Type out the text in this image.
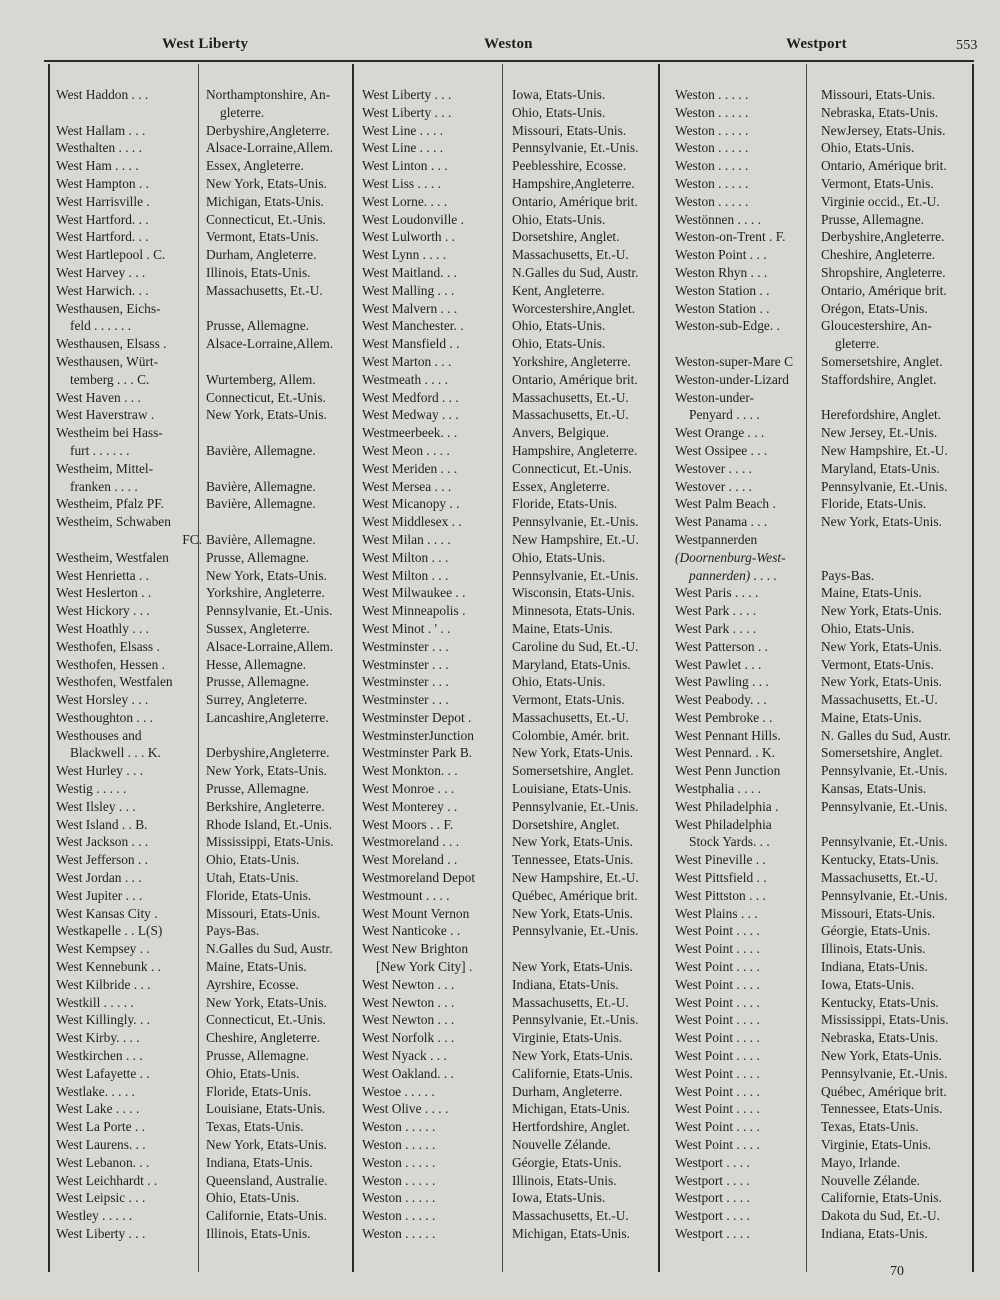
West Liberty	Weston	Westport	553
West Haddon . . .	Northamptonshire, An-
gleterre.
West Hallam . . .	Derbyshire,Angleterre.
Westhalten . . . .	Alsace-Lorraine,Allem.
West Ham . . . .	Essex, Angleterre.
West Hampton . .	New York, Etats-Unis.
West Harrisville .	Michigan, Etats-Unis.
West Hartford. . .	Connecticut, Et.-Unis.
West Hartford. . .	Vermont, Etats-Unis.
West Hartlepool . C.	Durham, Angleterre.
West Harvey . . .	Illinois, Etats-Unis.
West Harwich. . .	Massachusetts, Et.-U.
Westhausen, Eichs-
feld . . . . . .	Prusse, Allemagne.
Westhausen, Elsass .	Alsace-Lorraine,Allem.
Westhausen, Würt-
temberg . . . C.	Wurtemberg, Allem.
West Haven . . .	Connecticut, Et.-Unis.
West Haverstraw .	New York, Etats-Unis.
Westheim bei Hass-
furt . . . . . .	Bavière, Allemagne.
Westheim, Mittel-
franken . . . .	Bavière, Allemagne.
Westheim, Pfalz PF.	Bavière, Allemagne.
Westheim, Schwaben
FC. Bavière, Allemagne.
Westheim, Westfalen	Prusse, Allemagne.
West Henrietta . .	New York, Etats-Unis.
West Heslerton . .	Yorkshire, Angleterre.
West Hickory . . .	Pennsylvanie, Et.-Unis.
West Hoathly . . .	Sussex, Angleterre.
Westhofen, Elsass .	Alsace-Lorraine,Allem.
Westhofen, Hessen .	Hesse, Allemagne.
Westhofen, Westfalen	Prusse, Allemagne.
West Horsley . . .	Surrey, Angleterre.
Westhoughton . . .	Lancashire,Angleterre.
Westhouses and
Blackwell . . . K.	Derbyshire,Angleterre.
West Hurley . . .	New York, Etats-Unis.
Westig . . . . .	Prusse, Allemagne.
West Ilsley . . .	Berkshire, Angleterre.
West Island . . B.	Rhode Island, Et.-Unis.
West Jackson . . .	Mississippi, Etats-Unis.
West Jefferson . .	Ohio, Etats-Unis.
West Jordan . . .	Utah, Etats-Unis.
West Jupiter . . .	Floride, Etats-Unis.
West Kansas City .	Missouri, Etats-Unis.
Westkapelle . . L(S)	Pays-Bas.
West Kempsey . .	N.Galles du Sud, Austr.
West Kennebunk . .	Maine, Etats-Unis.
West Kilbride . . .	Ayrshire, Ecosse.
Westkill . . . . .	New York, Etats-Unis.
West Killingly. . .	Connecticut, Et.-Unis.
West Kirby. . . .	Cheshire, Angleterre.
Westkirchen . . .	Prusse, Allemagne.
West Lafayette . .	Ohio, Etats-Unis.
Westlake. . . . .	Floride, Etats-Unis.
West Lake . . . .	Louisiane, Etats-Unis.
West La Porte . .	Texas, Etats-Unis.
West Laurens. . .	New York, Etats-Unis.
West Lebanon. . .	Indiana, Etats-Unis.
West Leichhardt . .	Queensland, Australie.
West Leipsic . . .	Ohio, Etats-Unis.
Westley . . . . .	Californie, Etats-Unis.
West Liberty . . .	Illinois, Etats-Unis.
West Liberty . . .	Iowa, Etats-Unis.
West Liberty . . .	Ohio, Etats-Unis.
West Line . . . .	Missouri, Etats-Unis.
West Line . . . .	Pennsylvanie, Et.-Unis.
West Linton . . .	Peeblesshire, Ecosse.
West Liss . . . .	Hampshire,Angleterre.
West Lorne. . . .	Ontario, Amérique brit.
West Loudonville .	Ohio, Etats-Unis.
West Lulworth . .	Dorsetshire, Anglet.
West Lynn . . . .	Massachusetts, Et.-U.
West Maitland. . .	N.Galles du Sud, Austr.
West Malling . . .	Kent, Angleterre.
West Malvern . . .	Worcestershire,Anglet.
West Manchester. .	Ohio, Etats-Unis.
West Mansfield . .	Ohio, Etats-Unis.
West Marton . . .	Yorkshire, Angleterre.
Westmeath . . . .	Ontario, Amérique brit.
West Medford . . .	Massachusetts, Et.-U.
West Medway . . .	Massachusetts, Et.-U.
Westmeerbeek. . .	Anvers, Belgique.
West Meon . . . .	Hampshire, Angleterre.
West Meriden . . .	Connecticut, Et.-Unis.
West Mersea . . .	Essex, Angleterre.
West Micanopy . .	Floride, Etats-Unis.
West Middlesex . .	Pennsylvanie, Et.-Unis.
West Milan . . . .	New Hampshire, Et.-U.
West Milton . . .	Ohio, Etats-Unis.
West Milton . . .	Pennsylvanie, Et.-Unis.
West Milwaukee . .	Wisconsin, Etats-Unis.
West Minneapolis .	Minnesota, Etats-Unis.
West Minot . ' . .	Maine, Etats-Unis.
Westminster . . .	Caroline du Sud, Et.-U.
Westminster . . .	Maryland, Etats-Unis.
Westminster . . .	Ohio, Etats-Unis.
Westminster . . .	Vermont, Etats-Unis.
Westminster Depot .	Massachusetts, Et.-U.
WestminsterJunction	Colombie, Amér. brit.
Westminster Park B.	New York, Etats-Unis.
West Monkton. . .	Somersetshire, Anglet.
West Monroe . . .	Louisiane, Etats-Unis.
West Monterey . .	Pennsylvanie, Et.-Unis.
West Moors . . F.	Dorsetshire, Anglet.
Westmoreland . . .	New York, Etats-Unis.
West Moreland . .	Tennessee, Etats-Unis.
Westmoreland Depot	New Hampshire, Et.-U.
Westmount . . . .	Québec, Amérique brit.
West Mount Vernon	New York, Etats-Unis.
West Nanticoke . .	Pennsylvanie, Et.-Unis.
West New Brighton
[New York City] .	New York, Etats-Unis.
West Newton . . .	Indiana, Etats-Unis.
West Newton . . .	Massachusetts, Et.-U.
West Newton . . .	Pennsylvanie, Et.-Unis.
West Norfolk . . .	Virginie, Etats-Unis.
West Nyack . . .	New York, Etats-Unis.
West Oakland. . .	Californie, Etats-Unis.
Westoe . . . . .	Durham, Angleterre.
West Olive . . . .	Michigan, Etats-Unis.
Weston . . . . .	Hertfordshire, Anglet.
Weston . . . . .	Nouvelle Zélande.
Weston . . . . .	Géorgie, Etats-Unis.
Weston . . . . .	Illinois, Etats-Unis.
Weston . . . . .	Iowa, Etats-Unis.
Weston . . . . .	Massachusetts, Et.-U.
Weston . . . . .	Michigan, Etats-Unis.
Weston . . . . .	Missouri, Etats-Unis.
Weston . . . . .	Nebraska, Etats-Unis.
Weston . . . . .	NewJersey, Etats-Unis.
Weston . . . . .	Ohio, Etats-Unis.
Weston . . . . .	Ontario, Amérique brit.
Weston . . . . .	Vermont, Etats-Unis.
Weston . . . . .	Virginie occid., Et.-U.
Westönnen . . . .	Prusse, Allemagne.
Weston-on-Trent . F.	Derbyshire,Angleterre.
Weston Point . . .	Cheshire, Angleterre.
Weston Rhyn . . .	Shropshire, Angleterre.
Weston Station . .	Ontario, Amérique brit.
Weston Station . .	Orégon, Etats-Unis.
Weston-sub-Edge. .	Gloucestershire, An-
gleterre.
Weston-super-Mare C	Somersetshire, Anglet.
Weston-under-Lizard	Staffordshire, Anglet.
Weston-under-
Penyard . . . .	Herefordshire, Anglet.
West Orange . . .	New Jersey, Et.-Unis.
West Ossipee . . .	New Hampshire, Et.-U.
Westover . . . .	Maryland, Etats-Unis.
Westover . . . .	Pennsylvanie, Et.-Unis.
West Palm Beach .	Floride, Etats-Unis.
West Panama . . .	New York, Etats-Unis.
Westpannerden
(Doornenburg-West-
pannerden) . . . .	Pays-Bas.
West Paris . . . .	Maine, Etats-Unis.
West Park . . . .	New York, Etats-Unis.
West Park . . . .	Ohio, Etats-Unis.
West Patterson . .	New York, Etats-Unis.
West Pawlet . . .	Vermont, Etats-Unis.
West Pawling . . .	New York, Etats-Unis.
West Peabody. . .	Massachusetts, Et.-U.
West Pembroke . .	Maine, Etats-Unis.
West Pennant Hills.	N. Galles du Sud, Austr.
West Pennard. . K.	Somersetshire, Anglet.
West Penn Junction	Pennsylvanie, Et.-Unis.
Westphalia . . . .	Kansas, Etats-Unis.
West Philadelphia .	Pennsylvanie, Et.-Unis.
West Philadelphia
Stock Yards. . .	Pennsylvanie, Et.-Unis.
West Pineville . .	Kentucky, Etats-Unis.
West Pittsfield . .	Massachusetts, Et.-U.
West Pittston . . .	Pennsylvanie, Et.-Unis.
West Plains . . .	Missouri, Etats-Unis.
West Point . . . .	Géorgie, Etats-Unis.
West Point . . . .	Illinois, Etats-Unis.
West Point . . . .	Indiana, Etats-Unis.
West Point . . . .	Iowa, Etats-Unis.
West Point . . . .	Kentucky, Etats-Unis.
West Point . . . .	Mississippi, Etats-Unis.
West Point . . . .	Nebraska, Etats-Unis.
West Point . . . .	New York, Etats-Unis.
West Point . . . .	Pennsylvanie, Et.-Unis.
West Point . . . .	Québec, Amérique brit.
West Point . . . .	Tennessee, Etats-Unis.
West Point . . . .	Texas, Etats-Unis.
West Point . . . .	Virginie, Etats-Unis.
Westport . . . .	Mayo, Irlande.
Westport . . . .	Nouvelle Zélande.
Westport . . . .	Californie, Etats-Unis.
Westport . . . .	Dakota du Sud, Et.-U.
Westport . . . .	Indiana, Etats-Unis.
70
